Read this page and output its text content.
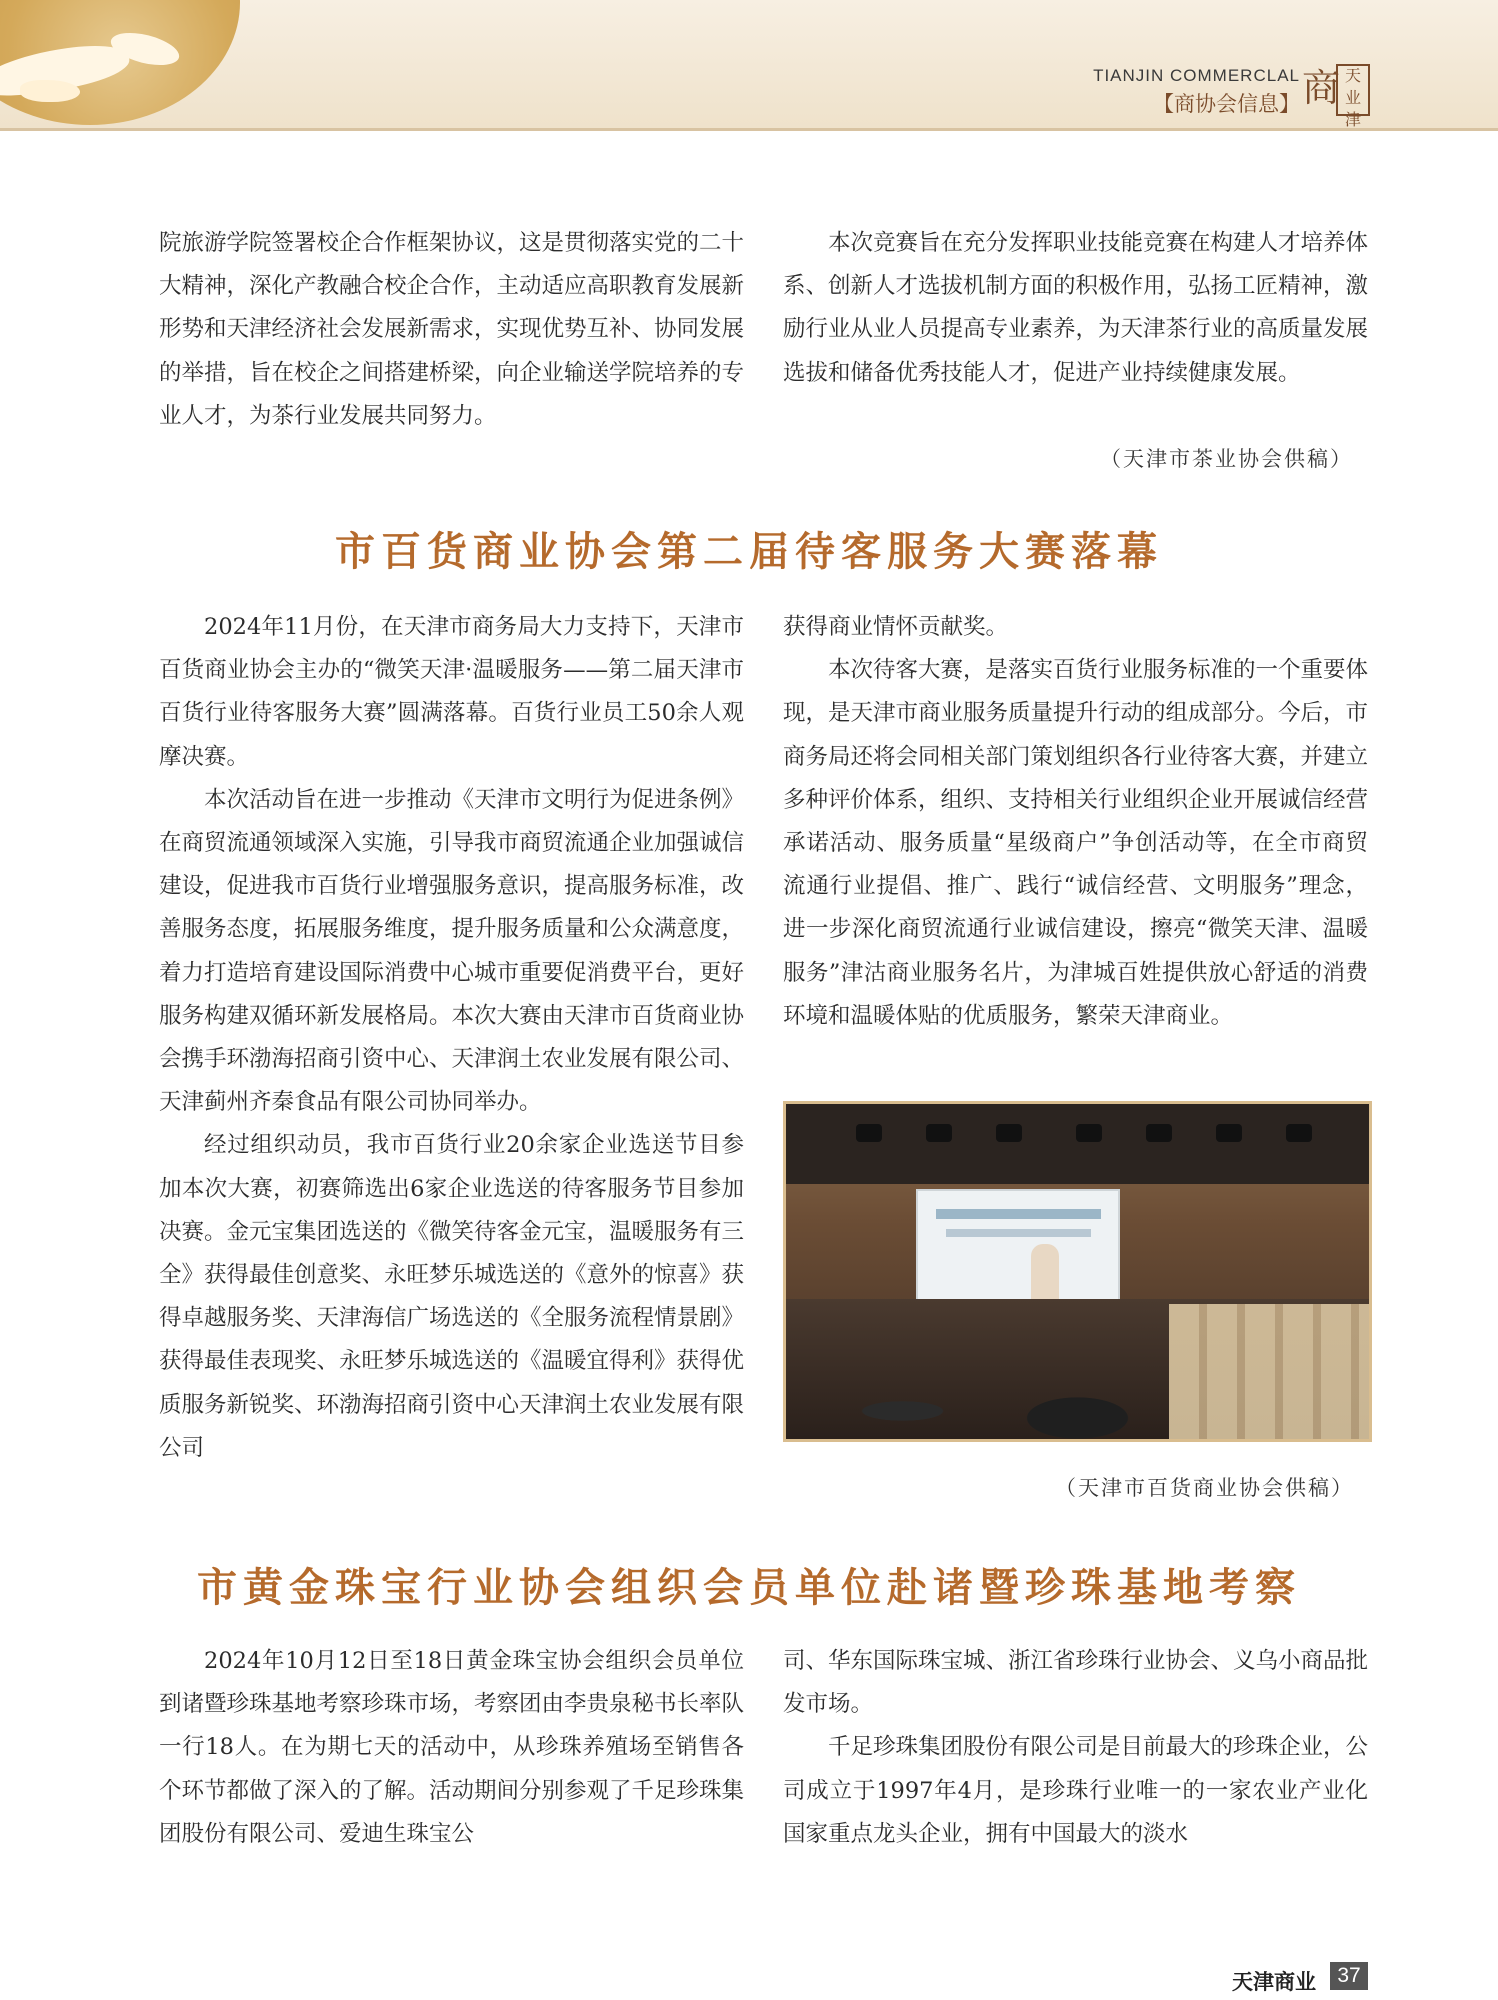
TIANJIN COMMERCLAL
【商协会信息】 商 天业津

院旅游学院签署校企合作框架协议，这是贯彻落实党的二十大精神，深化产教融合校企合作，主动适应高职教育发展新形势和天津经济社会发展新需求，实现优势互补、协同发展的举措，旨在校企之间搭建桥梁，向企业输送学院培养的专业人才，为茶行业发展共同努力。

本次竞赛旨在充分发挥职业技能竞赛在构建人才培养体系、创新人才选拔机制方面的积极作用，弘扬工匠精神，激励行业从业人员提高专业素养，为天津茶行业的高质量发展选拔和储备优秀技能人才，促进产业持续健康发展。

（天津市茶业协会供稿）
市百货商业协会第二届待客服务大赛落幕

2024年11月份，在天津市商务局大力支持下，天津市百货商业协会主办的“微笑天津·温暖服务——第二届天津市百货行业待客服务大赛”圆满落幕。百货行业员工50余人观摩决赛。

本次活动旨在进一步推动《天津市文明行为促进条例》在商贸流通领域深入实施，引导我市商贸流通企业加强诚信建设，促进我市百货行业增强服务意识，提高服务标准，改善服务态度，拓展服务维度，提升服务质量和公众满意度，着力打造培育建设国际消费中心城市重要促消费平台，更好服务构建双循环新发展格局。本次大赛由天津市百货商业协会携手环渤海招商引资中心、天津润土农业发展有限公司、天津蓟州齐秦食品有限公司协同举办。

经过组织动员，我市百货行业20余家企业选送节目参加本次大赛，初赛筛选出6家企业选送的待客服务节目参加决赛。金元宝集团选送的《微笑待客金元宝，温暖服务有三全》获得最佳创意奖、永旺梦乐城选送的《意外的惊喜》获得卓越服务奖、天津海信广场选送的《全服务流程情景剧》获得最佳表现奖、永旺梦乐城选送的《温暖宜得利》获得优质服务新锐奖、环渤海招商引资中心天津润土农业发展有限公司

获得商业情怀贡献奖。

本次待客大赛，是落实百货行业服务标准的一个重要体现，是天津市商业服务质量提升行动的组成部分。今后，市商务局还将会同相关部门策划组织各行业待客大赛，并建立多种评价体系，组织、支持相关行业组织企业开展诚信经营承诺活动、服务质量“星级商户”争创活动等，在全市商贸流通行业提倡、推广、践行“诚信经营、文明服务”理念，进一步深化商贸流通行业诚信建设，擦亮“微笑天津、温暖服务”津沽商业服务名片，为津城百姓提供放心舒适的消费环境和温暖体贴的优质服务，繁荣天津商业。

（天津市百货商业协会供稿）
市黄金珠宝行业协会组织会员单位赴诸暨珍珠基地考察

2024年10月12日至18日黄金珠宝协会组织会员单位到诸暨珍珠基地考察珍珠市场，考察团由李贵泉秘书长率队一行18人。在为期七天的活动中，从珍珠养殖场至销售各个环节都做了深入的了解。活动期间分别参观了千足珍珠集团股份有限公司、爱迪生珠宝公

司、华东国际珠宝城、浙江省珍珠行业协会、义乌小商品批发市场。

千足珍珠集团股份有限公司是目前最大的珍珠企业，公司成立于1997年4月，是珍珠行业唯一的一家农业产业化国家重点龙头企业，拥有中国最大的淡水

天津商业	37
